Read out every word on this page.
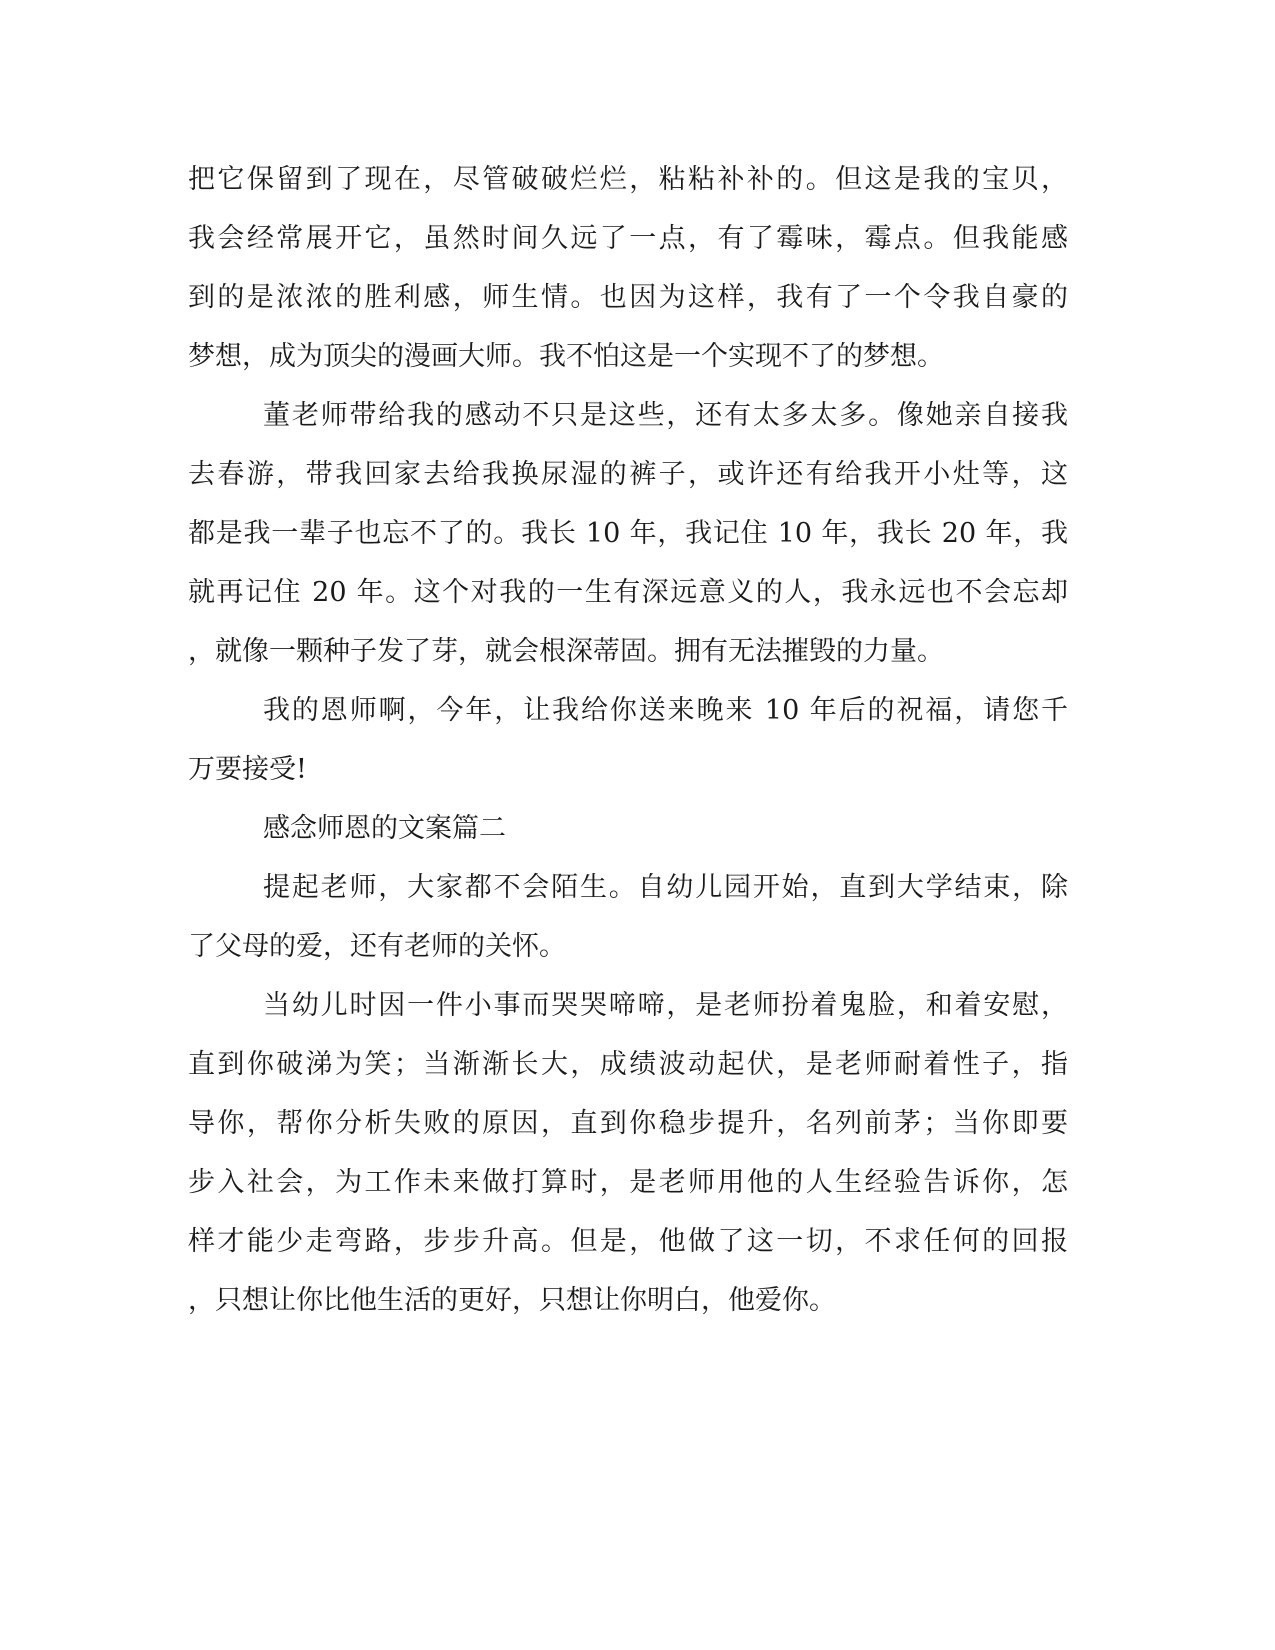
把它保留到了现在，尽管破破烂烂，粘粘补补的。但这是我的宝贝，

我会经常展开它，虽然时间久远了一点，有了霉味，霉点。但我能感

到的是浓浓的胜利感，师生情。也因为这样，我有了一个令我自豪的

梦想，成为顶尖的漫画大师。我不怕这是一个实现不了的梦想。

董老师带给我的感动不只是这些，还有太多太多。像她亲自接我

去春游，带我回家去给我换尿湿的裤子，或许还有给我开小灶等，这

都是我一辈子也忘不了的。我长 10 年，我记住 10 年，我长 20 年，我

就再记住 20 年。这个对我的一生有深远意义的人，我永远也不会忘却

，就像一颗种子发了芽，就会根深蒂固。拥有无法摧毁的力量。

我的恩师啊，今年，让我给你送来晚来 10 年后的祝福，请您千

万要接受!

感念师恩的文案篇二

提起老师，大家都不会陌生。自幼儿园开始，直到大学结束，除

了父母的爱，还有老师的关怀。

当幼儿时因一件小事而哭哭啼啼，是老师扮着鬼脸，和着安慰，

直到你破涕为笑；当渐渐长大，成绩波动起伏，是老师耐着性子，指

导你，帮你分析失败的原因，直到你稳步提升，名列前茅；当你即要

步入社会，为工作未来做打算时，是老师用他的人生经验告诉你，怎

样才能少走弯路，步步升高。但是，他做了这一切，不求任何的回报

，只想让你比他生活的更好，只想让你明白，他爱你。
